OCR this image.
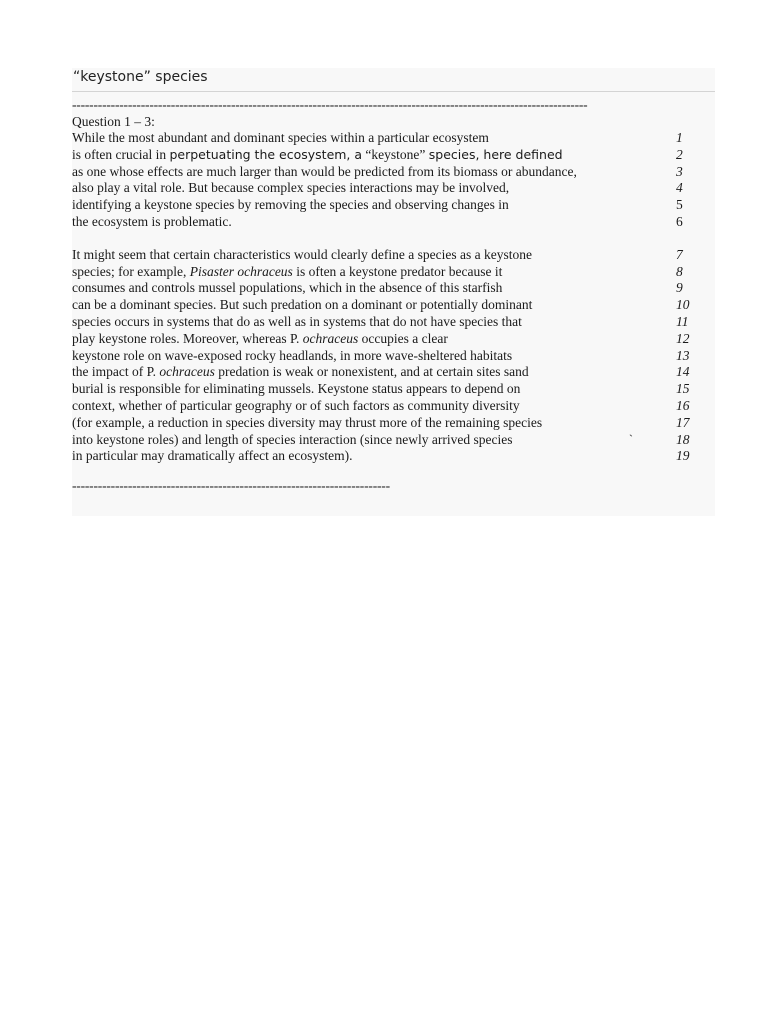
“keystone” species
------------------------------------------------------------------------------------------------------------------------
Question 1 – 3:
While the most abundant and dominant species within a particular ecosystem	1
is often crucial in perpetuating the ecosystem, a “keystone” species, here defined	2
as one whose effects are much larger than would be predicted from its biomass or abundance,	3
also play a vital role. But because complex species interactions may be involved,	4
identifying a keystone species by removing the species and observing changes in	5
the ecosystem is problematic.	6
It might seem that certain characteristics would clearly define a species as a keystone	7
species; for example, Pisaster ochraceus is often a keystone predator because it	8
consumes and controls mussel populations, which in the absence of this starfish	9
can be a dominant species. But such predation on a dominant or potentially dominant	10
species occurs in systems that do as well as in systems that do not have species that	11
play keystone roles. Moreover, whereas P. ochraceus occupies a clear	12
keystone role on wave-exposed rocky headlands, in more wave-sheltered habitats	13
the impact of P. ochraceus predation is weak or nonexistent, and at certain sites sand	14
burial is responsible for eliminating mussels. Keystone status appears to depend on	15
context, whether of particular geography or of such factors as community diversity	16
(for example, a reduction in species diversity may thrust more of the remaining species	17
into keystone roles) and length of species interaction (since newly arrived species	`	18
in particular may dramatically affect an ecosystem).	19
--------------------------------------------------------------------------
